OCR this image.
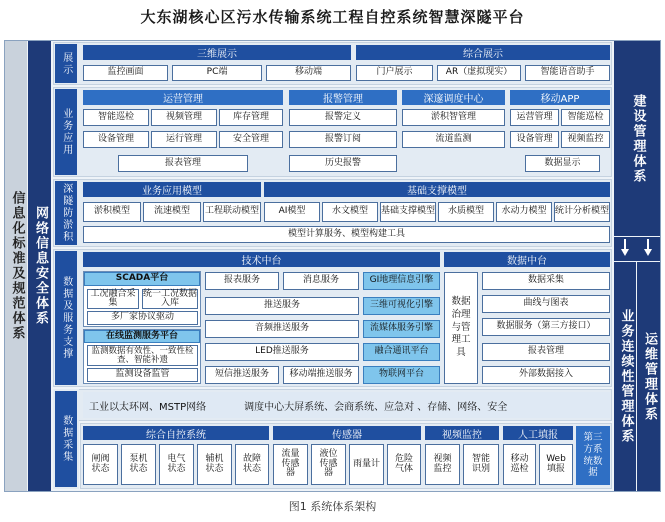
大东湖核心区污水传输系统工程自控系统智慧深隧平台
信息化标准及规范体系 网络信息安全体系
建设管理体系
业务连续性管理体系 运维管理体系
展示	三维展示
监控画面	PC端	移动端
综合展示
门户展示	AR（虚拟现实）	智能语音助手
业务应用
运营管理
智能巡检	视频管理	库存管理
设备管理	运行管理	安全管理
报表管理
报警管理
报警定义
报警订阅
历史报警
深邃调度中心
淤积智管理
流道监测
移动APP
运营管理	智能巡检
设备管理	视频监控
数据显示
深隧防淤积	业务应用模型
淤积模型	流速模型	工程联动模型
基础支撑模型
AI模型	水文模型	基础支撑模型	水质模型	水动力模型 统计分析模型
模型计算服务、模型构建工具
数据及服务支撑
技术中台	数据中台
SCADA平台
工况融合采集
统一工况数据入库
多厂家协议驱动
在线监测服务平台
监测数据有效性、一致性检查、智能补遗
监测设备监管
报表服务	消息服务
推送服务
音频推送服务
LED推送服务
短信推送服务	移动端推送服务
GI地理信息引擎
三维可视化引擎
流媒体服务引擎
融合通讯平台
物联网平台
数据治理与管理工具
数据采集
曲线与图表
数据服务（第三方接口）
报表管理
外部数据接入
工业以太环网、MSTP网络	调度中心大屏系统、会商系统、应急对 、存储、网络、安全
数据采集	综合自控系统
闸阀状态
泵机状态
电气状态
辅机状态
故障状态
传感器
流量传感器
液位传感器
雨量计	危险气体
视频监控
视频监控
智能识别
人工填报
移动巡检
Web填报
第三方系统数据
图1 系统体系架构
